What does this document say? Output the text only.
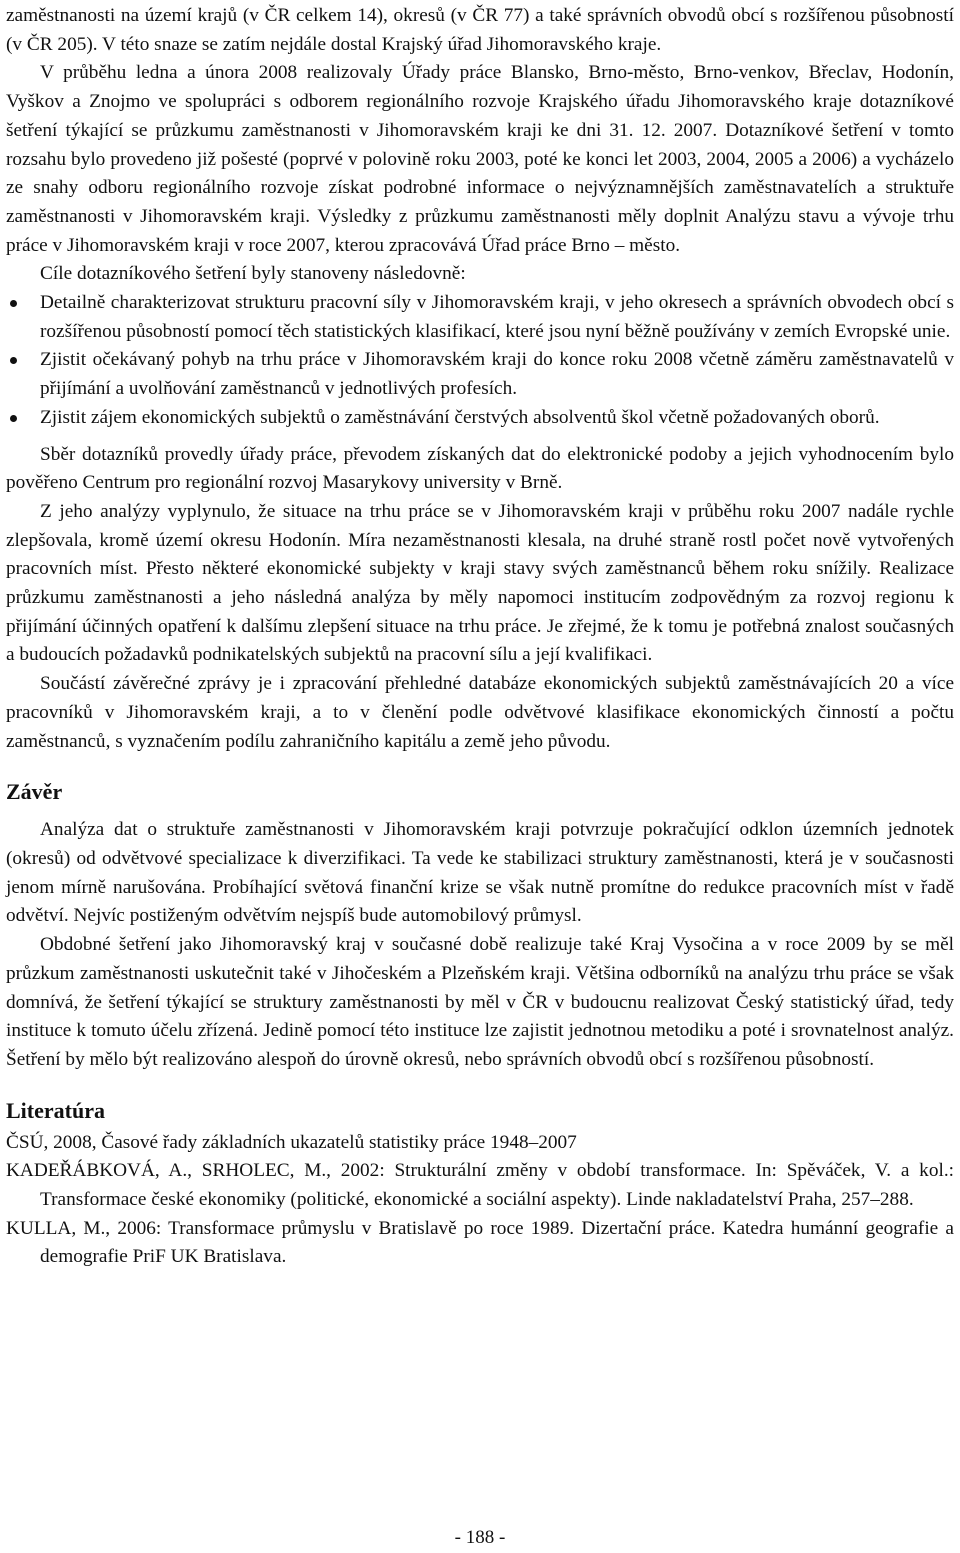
zaměstnanosti na území krajů (v ČR celkem 14), okresů (v ČR 77) a také správních obvodů obcí s rozšířenou působností (v ČR 205). V této snaze se zatím nejdále dostal Krajský úřad Jihomoravského kraje.

V průběhu ledna a února 2008 realizovaly Úřady práce Blansko, Brno-město, Brno-venkov, Břeclav, Hodonín, Vyškov a Znojmo ve spolupráci s odborem regionálního rozvoje Krajského úřadu Jihomoravského kraje dotazníkové šetření týkající se průzkumu zaměstnanosti v Jihomoravském kraji ke dni 31. 12. 2007. Dotazníkové šetření v tomto rozsahu bylo provedeno již pošesté (poprvé v polovině roku 2003, poté ke konci let 2003, 2004, 2005 a 2006) a vycházelo ze snahy odboru regionálního rozvoje získat podrobné informace o nejvýznamnějších zaměstnavatelích a struktuře zaměstnanosti v Jihomoravském kraji. Výsledky z průzkumu zaměstnanosti měly doplnit Analýzu stavu a vývoje trhu práce v Jihomoravském kraji v roce 2007, kterou zpracovává Úřad práce Brno – město.

Cíle dotazníkového šetření byly stanoveny následovně:

Detailně charakterizovat strukturu pracovní síly v Jihomoravském kraji, v jeho okresech a správních obvodech obcí s rozšířenou působností pomocí těch statistických klasifikací, které jsou nyní běžně používány v zemích Evropské unie.
Zjistit očekávaný pohyb na trhu práce v Jihomoravském kraji do konce roku 2008 včetně záměru zaměstnavatelů v přijímání a uvolňování zaměstnanců v jednotlivých profesích.
Zjistit zájem ekonomických subjektů o zaměstnávání čerstvých absolventů škol včetně požadovaných oborů.

Sběr dotazníků provedly úřady práce, převodem získaných dat do elektronické podoby a jejich vyhodnocením bylo pověřeno Centrum pro regionální rozvoj Masarykovy university v Brně.

Z jeho analýzy vyplynulo, že situace na trhu práce se v Jihomoravském kraji v průběhu roku 2007 nadále rychle zlepšovala, kromě území okresu Hodonín. Míra nezaměstnanosti klesala, na druhé straně rostl počet nově vytvořených pracovních míst. Přesto některé ekonomické subjekty v kraji stavy svých zaměstnanců během roku snížily. Realizace průzkumu zaměstnanosti a jeho následná analýza by měly napomoci institucím zodpovědným za rozvoj regionu k přijímání účinných opatření k dalšímu zlepšení situace na trhu práce. Je zřejmé, že k tomu je potřebná znalost současných a budoucích požadavků podnikatelských subjektů na pracovní sílu a její kvalifikaci.

Součástí závěrečné zprávy je i zpracování přehledné databáze ekonomických subjektů zaměstnávajících 20 a více pracovníků v Jihomoravském kraji, a to v členění podle odvětvové klasifikace ekonomických činností a počtu zaměstnanců, s vyznačením podílu zahraničního kapitálu a země jeho původu.

Závěr

Analýza dat o struktuře zaměstnanosti v Jihomoravském kraji potvrzuje pokračující odklon územních jednotek (okresů) od odvětvové specializace k diverzifikaci. Ta vede ke stabilizaci struktury zaměstnanosti, která je v současnosti jenom mírně narušována. Probíhající světová finanční krize se však nutně promítne do redukce pracovních míst v řadě odvětví. Nejvíc postiženým odvětvím nejspíš bude automobilový průmysl.

Obdobné šetření jako Jihomoravský kraj v současné době realizuje také Kraj Vysočina a v roce 2009 by se měl průzkum zaměstnanosti uskutečnit také v Jihočeském a Plzeňském kraji. Většina odborníků na analýzu trhu práce se však domnívá, že šetření týkající se struktury zaměstnanosti by měl v ČR v budoucnu realizovat Český statistický úřad, tedy instituce k tomuto účelu zřízená. Jedině pomocí této instituce lze zajistit jednotnou metodiku a poté i srovnatelnost analýz. Šetření by mělo být realizováno alespoň do úrovně okresů, nebo správních obvodů obcí s rozšířenou působností.

Literatúra

ČSÚ, 2008, Časové řady základních ukazatelů statistiky práce 1948–2007

KADEŘÁBKOVÁ, A., SRHOLEC, M., 2002: Strukturální změny v období transformace. In: Spěváček, V. a kol.: Transformace české ekonomiky (politické, ekonomické a sociální aspekty). Linde nakladatelství Praha, 257–288.

KULLA, M., 2006: Transformace průmyslu v Bratislavě po roce 1989. Dizertační práce. Katedra humánní geografie a demografie PriF UK Bratislava.

- 188 -
